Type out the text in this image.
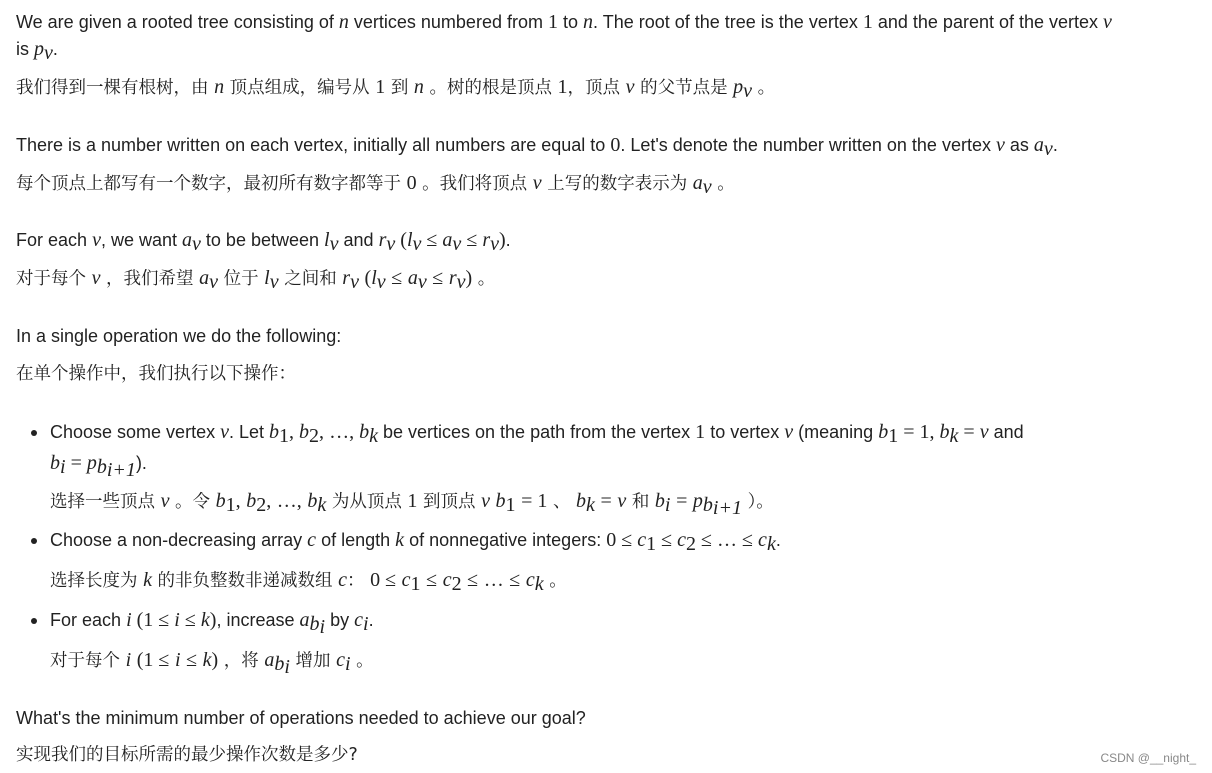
We are given a rooted tree consisting of n vertices numbered from 1 to n. The root of the tree is the vertex 1 and the parent of the vertex v
is $p_v$.
我们得到一棵有根树，由 n 顶点组成，编号从 1 到 n 。树的根是顶点 1，顶点 v 的父节点是 $p_v$ 。
There is a number written on each vertex, initially all numbers are equal to 0. Let's denote the number written on the vertex v as $a_v$.
每个顶点上都写有一个数字，最初所有数字都等于 0 。我们将顶点 v 上写的数字表示为 $a_v$ 。
For each v, we want $a_v$ to be between $l_v$ and $r_v$ $(l_v \le a_v \le r_v)$.
对于每个 v ，我们希望 $a_v$ 位于 $l_v$ 之间和 $r_v$ $(l_v \le a_v \le r_v)$ 。
In a single operation we do the following:
在单个操作中，我们执行以下操作：
Choose some vertex v. Let $b_1$, $b_2$, …, $b_k$ be vertices on the path from the vertex 1 to vertex v (meaning $b_1 = 1$, $b_k = v$ and
$b_i = p_{b_{i+1}}$).
选择一些顶点 v 。令 $b_1$, $b_2$, …, $b_k$ 为从顶点 1 到顶点 v $b_1 = 1$ 、 $b_k = v$ 和 $b_i = p_{b_{i+1}}$ ）。
Choose a non-decreasing array c of length k of nonnegative integers: $0 \le c_1 \le c_2$ ≤ … ≤ $c_k$.
选择长度为 k 的非负整数非递减数组 c： $0 \le c_1 \le c_2$ ≤ … ≤ $c_k$ 。
For each i (1 ≤ i ≤ k), increase $a_{b_i}$ by $c_i$.
对于每个 i (1 ≤ i ≤ k) ，将 $a_{b_i}$ 增加 $c_i$ 。
What's the minimum number of operations needed to achieve our goal?
实现我们的目标所需的最少操作次数是多少?	CSDN @__night_
